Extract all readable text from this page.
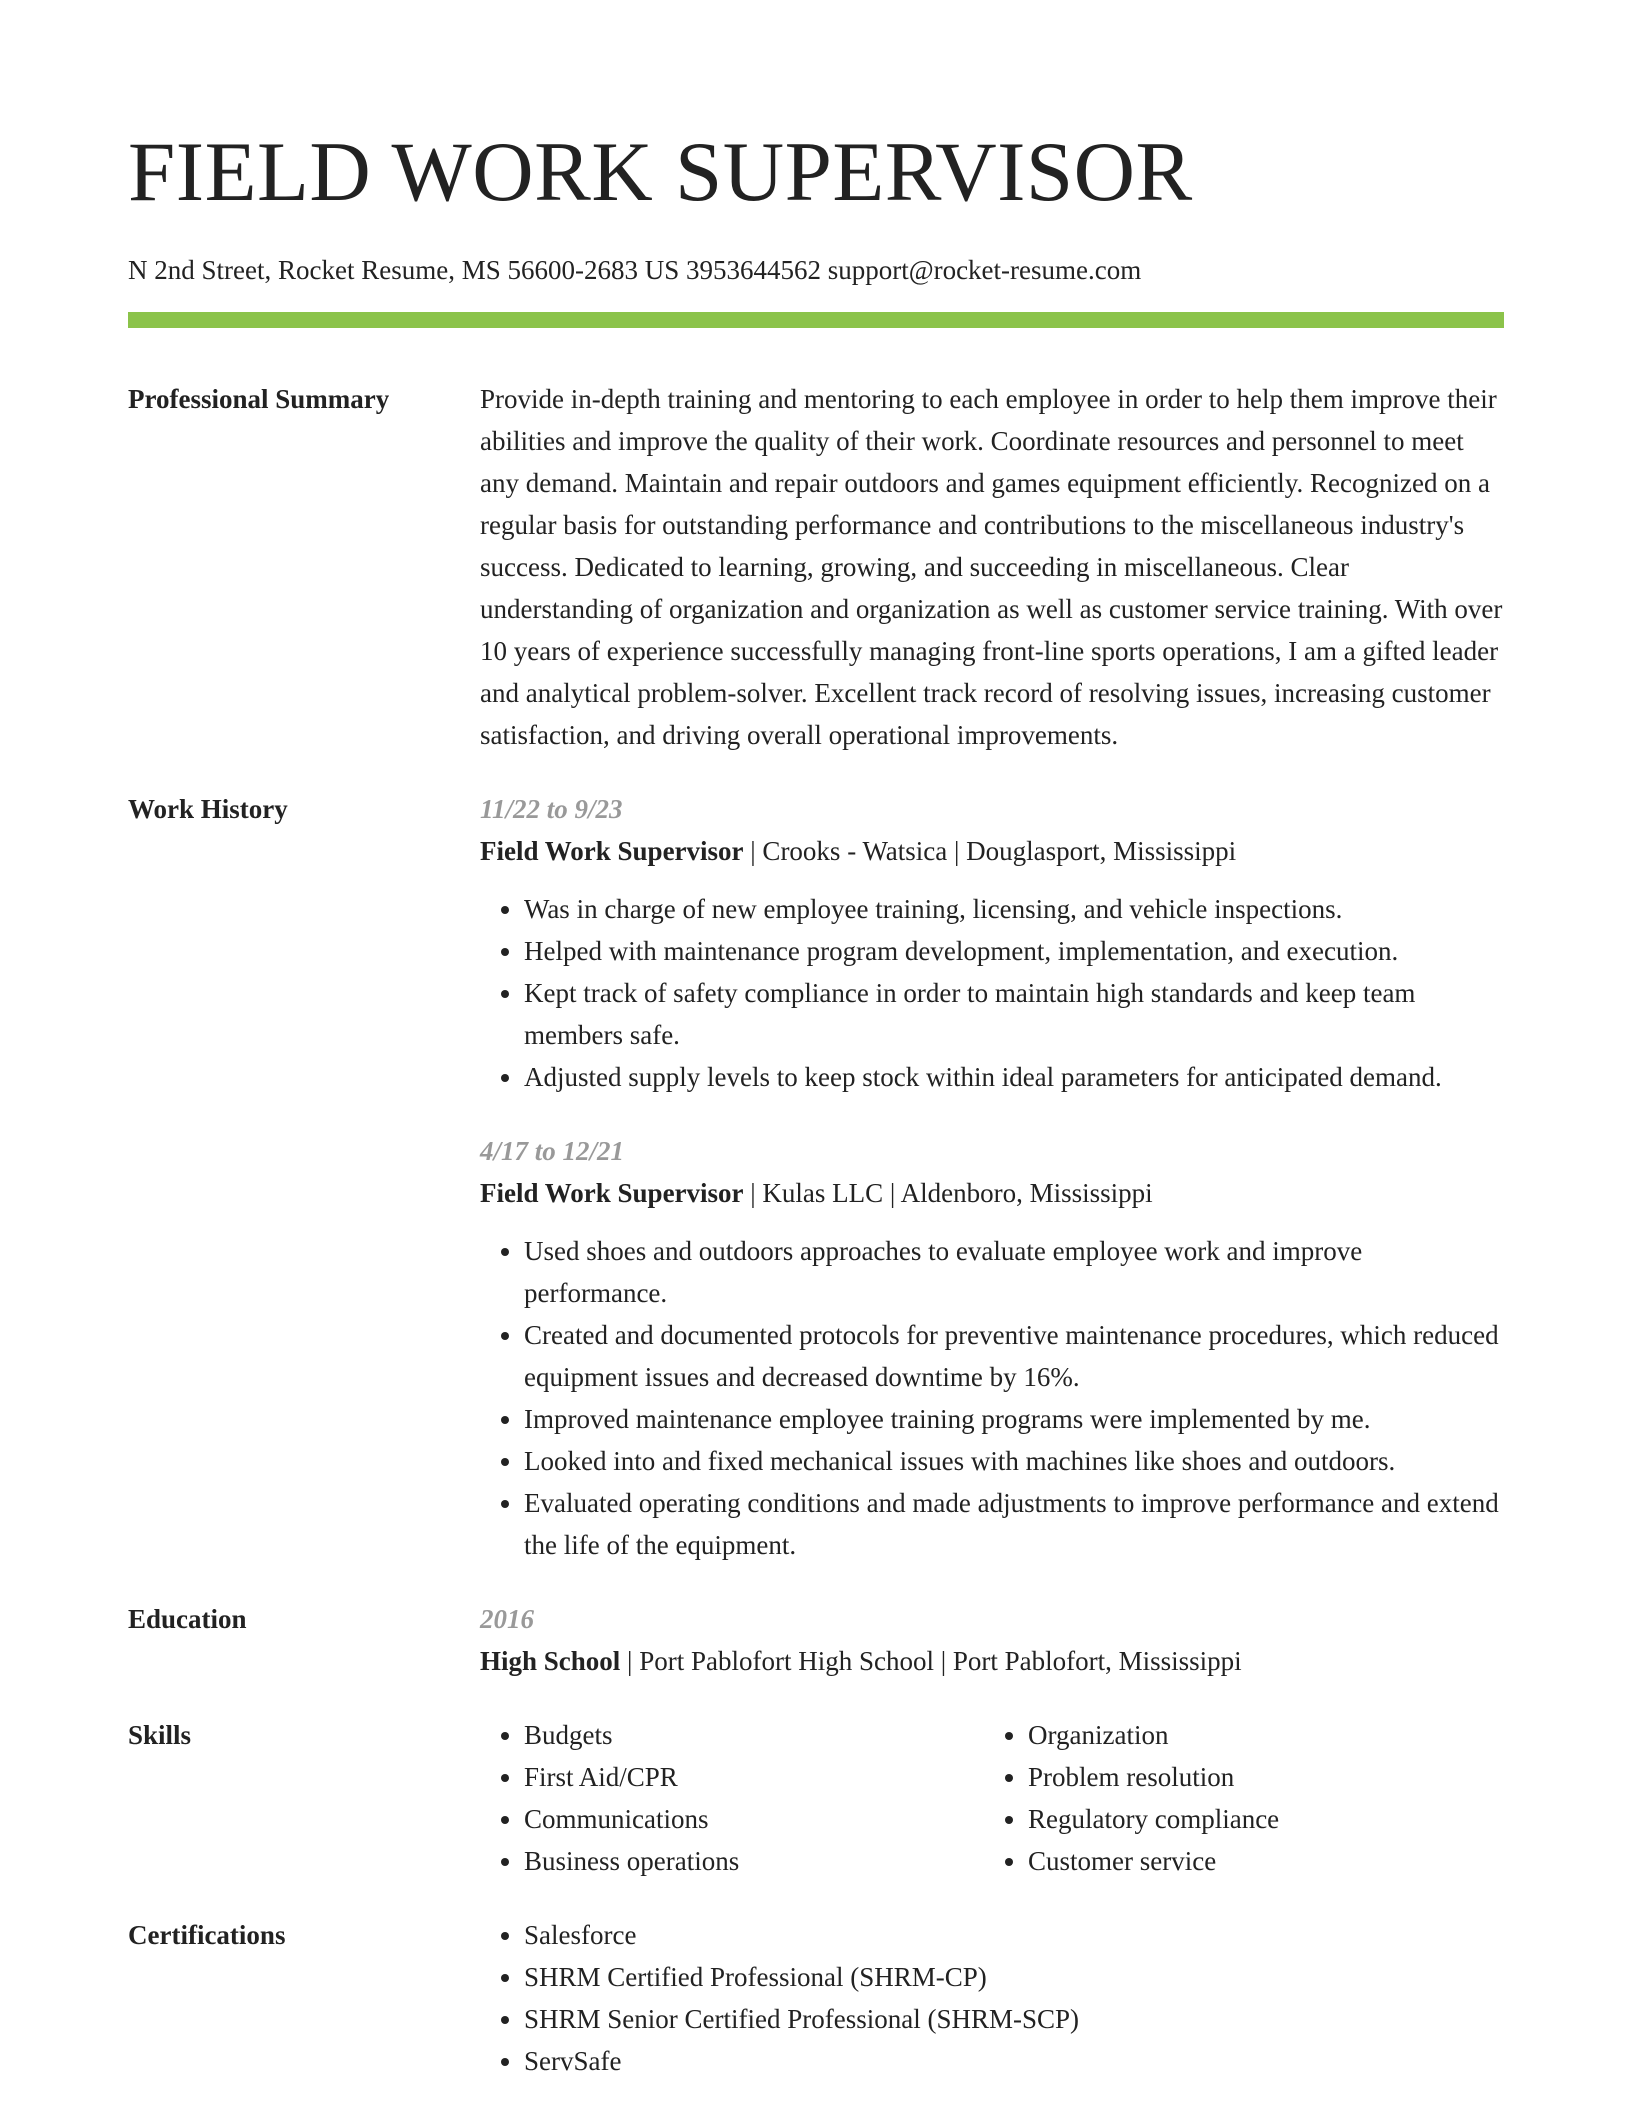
FIELD WORK SUPERVISOR
N 2nd Street, Rocket Resume, MS 56600-2683 US 3953644562 support@rocket-resume.com
Professional Summary	Provide in-depth training and mentoring to each employee in order to help them improve their abilities and improve the quality of their work. Coordinate resources and personnel to meet any demand. Maintain and repair outdoors and games equipment efficiently. Recognized on a regular basis for outstanding performance and contributions to the miscellaneous industry's success. Dedicated to learning, growing, and succeeding in miscellaneous. Clear understanding of organization and organization as well as customer service training. With over 10 years of experience successfully managing front-line sports operations, I am a gifted leader and analytical problem-solver. Excellent track record of resolving issues, increasing customer satisfaction, and driving overall operational improvements.
Work History	11/22 to 9/23
Field Work Supervisor | Crooks - Watsica | Douglasport, Mississippi
• Was in charge of new employee training, licensing, and vehicle inspections.
• Helped with maintenance program development, implementation, and execution.
• Kept track of safety compliance in order to maintain high standards and keep team members safe.
• Adjusted supply levels to keep stock within ideal parameters for anticipated demand.
4/17 to 12/21
Field Work Supervisor | Kulas LLC | Aldenboro, Mississippi
• Used shoes and outdoors approaches to evaluate employee work and improve performance.
• Created and documented protocols for preventive maintenance procedures, which reduced equipment issues and decreased downtime by 16%.
• Improved maintenance employee training programs were implemented by me.
• Looked into and fixed mechanical issues with machines like shoes and outdoors.
• Evaluated operating conditions and made adjustments to improve performance and extend the life of the equipment.
Education	2016
High School | Port Pablofort High School | Port Pablofort, Mississippi
Skills	• Budgets
• First Aid/CPR
• Communications
• Business operations
• Organization
• Problem resolution
• Regulatory compliance
• Customer service
Certifications	• Salesforce
• SHRM Certified Professional (SHRM-CP)
• SHRM Senior Certified Professional (SHRM-SCP)
• ServSafe
